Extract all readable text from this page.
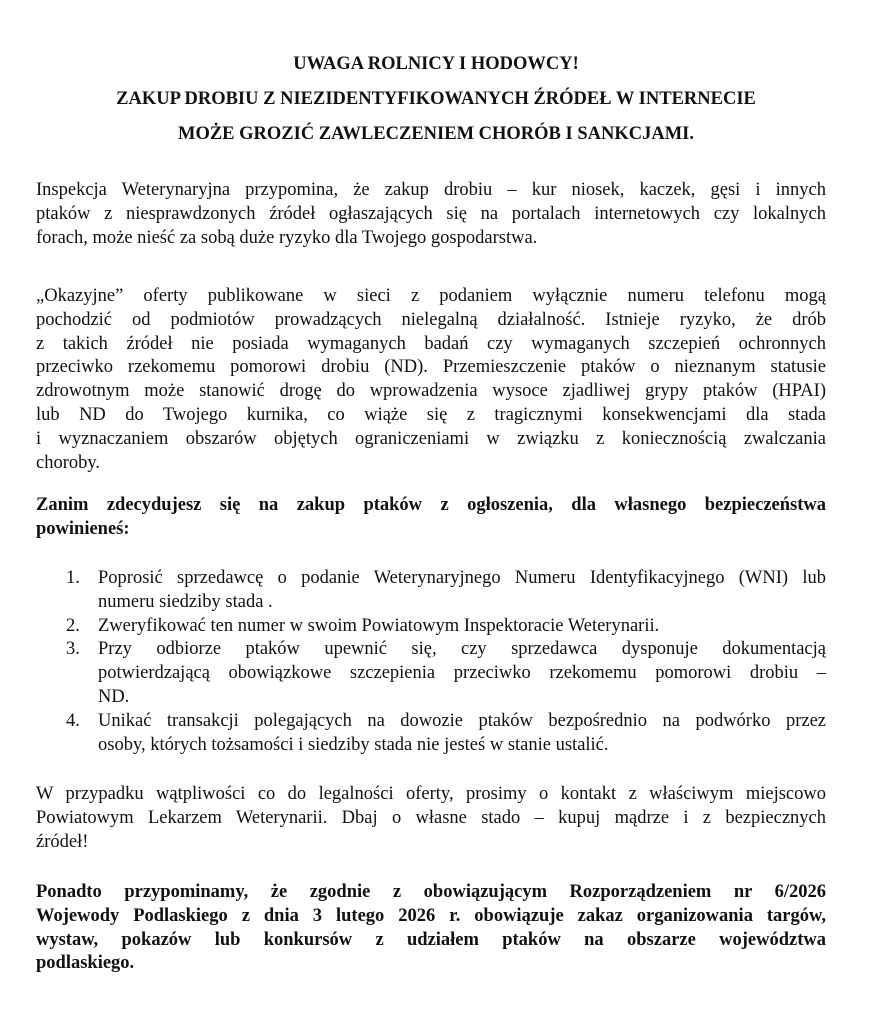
UWAGA ROLNICY I HODOWCY!
ZAKUP DROBIU Z NIEZIDENTYFIKOWANYCH ŹRÓDEŁ W INTERNECIE
MOŻE GROZIĆ ZAWLECZENIEM CHORÓB I SANKCJAMI.
Inspekcja Weterynaryjna przypomina, że zakup drobiu – kur niosek, kaczek, gęsi i innych
ptaków z niesprawdzonych źródeł ogłaszających się na portalach internetowych czy lokalnych
forach, może nieść za sobą duże ryzyko dla Twojego gospodarstwa.
„Okazyjne” oferty publikowane w sieci z podaniem wyłącznie numeru telefonu mogą
pochodzić od podmiotów prowadzących nielegalną działalność. Istnieje ryzyko, że drób
z takich źródeł nie posiada wymaganych badań czy wymaganych szczepień ochronnych
przeciwko rzekomemu pomorowi drobiu (ND). Przemieszczenie ptaków o nieznanym statusie
zdrowotnym może stanowić drogę do wprowadzenia wysoce zjadliwej grypy ptaków (HPAI)
lub ND do Twojego kurnika, co wiąże się z tragicznymi konsekwencjami dla stada
i wyznaczaniem obszarów objętych ograniczeniami w związku z koniecznością zwalczania
choroby.
Zanim zdecydujesz się na zakup ptaków z ogłoszenia, dla własnego bezpieczeństwa
powinieneś:
1. Poprosić sprzedawcę o podanie Weterynaryjnego Numeru Identyfikacyjnego (WNI) lub
numeru siedziby stada .
2. Zweryfikować ten numer w swoim Powiatowym Inspektoracie Weterynarii.
3. Przy odbiorze ptaków upewnić się, czy sprzedawca dysponuje dokumentacją
potwierdzającą obowiązkowe szczepienia przeciwko rzekomemu pomorowi drobiu –
ND.
4. Unikać transakcji polegających na dowozie ptaków bezpośrednio na podwórko przez
osoby, których tożsamości i siedziby stada nie jesteś w stanie ustalić.
W przypadku wątpliwości co do legalności oferty, prosimy o kontakt z właściwym miejscowo
Powiatowym Lekarzem Weterynarii. Dbaj o własne stado – kupuj mądrze i z bezpiecznych
źródeł!
Ponadto przypominamy, że zgodnie z obowiązującym Rozporządzeniem nr 6/2026
Wojewody Podlaskiego z dnia 3 lutego 2026 r. obowiązuje zakaz organizowania targów,
wystaw, pokazów lub konkursów z udziałem ptaków na obszarze województwa
podlaskiego.
